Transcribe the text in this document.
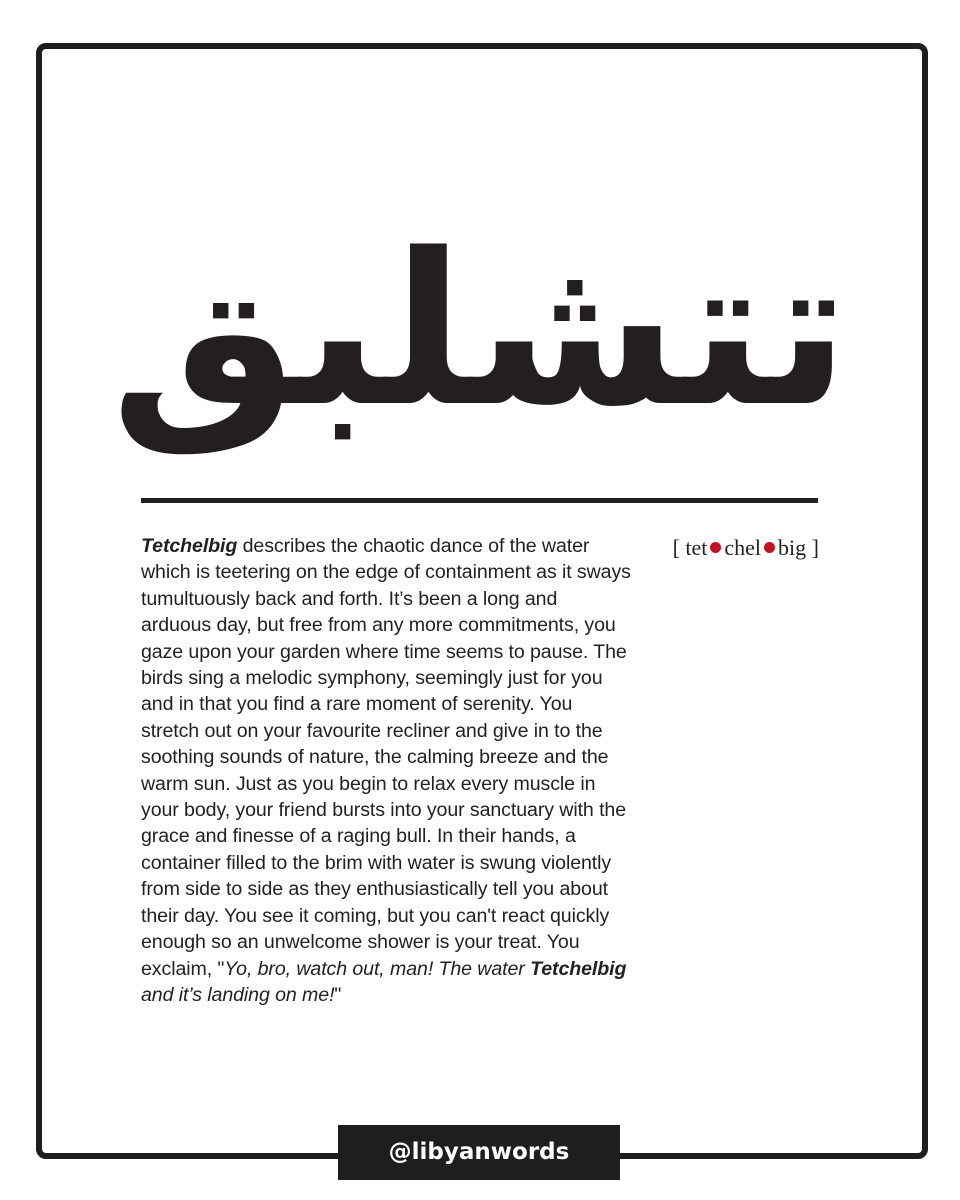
تتشلبق
Tetchelbig describes the chaotic dance of the water which is teetering on the edge of containment as it sways tumultuously back and forth. It’s been a long and arduous day, but free from any more commitments, you gaze upon your garden where time seems to pause. The birds sing a melodic symphony, seemingly just for you and in that you find a rare moment of serenity. You stretch out on your favourite recliner and give in to the soothing sounds of nature, the calming breeze and the warm sun. Just as you begin to relax every muscle in your body, your friend bursts into your sanctuary with the grace and finesse of a raging bull. In their hands, a container filled to the brim with water is swung violently from side to side as they enthusiastically tell you about their day. You see it coming, but you can't react quickly enough so an unwelcome shower is your treat. You exclaim, "Yo, bro, watch out, man! The water Tetchelbig and it’s landing on me!"
[ tet chel big ]
@libyanwords
